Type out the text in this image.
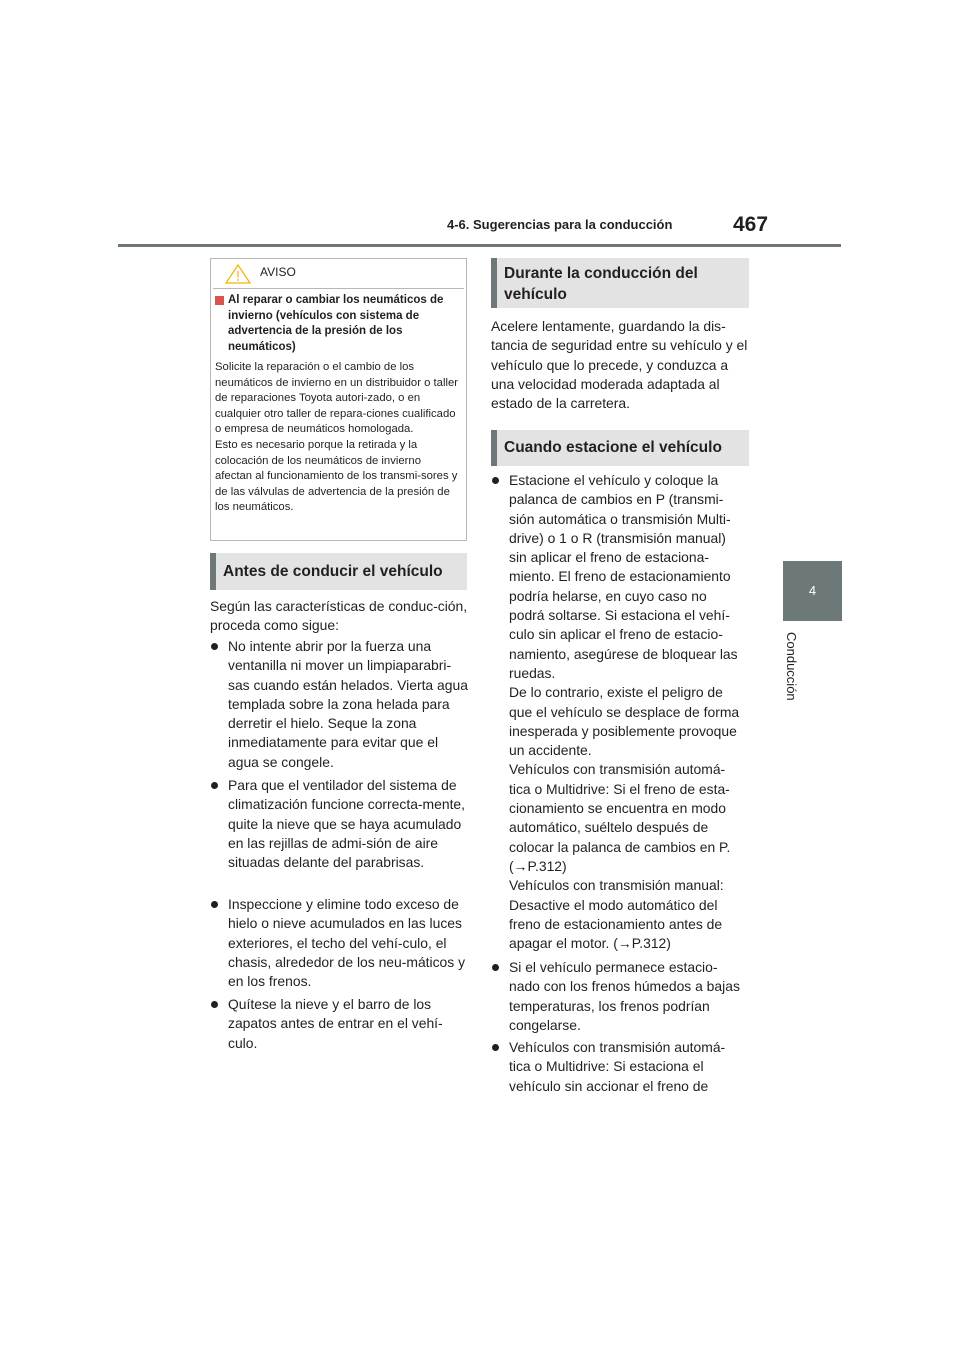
4-6. Sugerencias para la conducción	467
4
Conducción
AVISO
Al reparar o cambiar los neumáticos de invierno (vehículos con sistema de advertencia de la presión de los neumáticos)
Solicite la reparación o el cambio de los neumáticos de invierno en un distribuidor o taller de reparaciones Toyota autori-zado, o en cualquier otro taller de repara-ciones cualificado o empresa de neumáticos homologada.
Esto es necesario porque la retirada y la colocación de los neumáticos de invierno afectan al funcionamiento de los transmi-sores y de las válvulas de advertencia de la presión de los neumáticos.
Antes de conducir el vehículo
Según las características de conduc-ción, proceda como sigue:
No intente abrir por la fuerza una ventanilla ni mover un limpiaparabri-sas cuando están helados. Vierta agua templada sobre la zona helada para derretir el hielo. Seque la zona inmediatamente para evitar que el agua se congele.
Para que el ventilador del sistema de climatización funcione correcta-mente, quite la nieve que se haya acumulado en las rejillas de admi-sión de aire situadas delante del parabrisas.
Inspeccione y elimine todo exceso de hielo o nieve acumulados en las luces exteriores, el techo del vehí-culo, el chasis, alrededor de los neu-máticos y en los frenos.
Quítese la nieve y el barro de los zapatos antes de entrar en el vehí-culo.
Durante la conducción del
vehículo
Acelere lentamente, guardando la dis-tancia de seguridad entre su vehículo y el vehículo que lo precede, y conduzca a una velocidad moderada adaptada al estado de la carretera.
Cuando estacione el vehículo
Estacione el vehículo y coloque la palanca de cambios en P (transmi-sión automática o transmisión Multi-drive) o 1 o R (transmisión manual) sin aplicar el freno de estaciona-miento. El freno de estacionamiento podría helarse, en cuyo caso no podrá soltarse. Si estaciona el vehí-culo sin aplicar el freno de estacio-namiento, asegúrese de bloquear las ruedas.
De lo contrario, existe el peligro de que el vehículo se desplace de forma inesperada y posiblemente provoque un accidente.
Vehículos con transmisión automá-tica o Multidrive: Si el freno de esta-cionamiento se encuentra en modo automático, suéltelo después de colocar la palanca de cambios en P. (→P.312)
Vehículos con transmisión manual: Desactive el modo automático del freno de estacionamiento antes de apagar el motor. (→P.312)
Si el vehículo permanece estacio-nado con los frenos húmedos a bajas temperaturas, los frenos podrían congelarse.
Vehículos con transmisión automá-tica o Multidrive: Si estaciona el vehículo sin accionar el freno de
